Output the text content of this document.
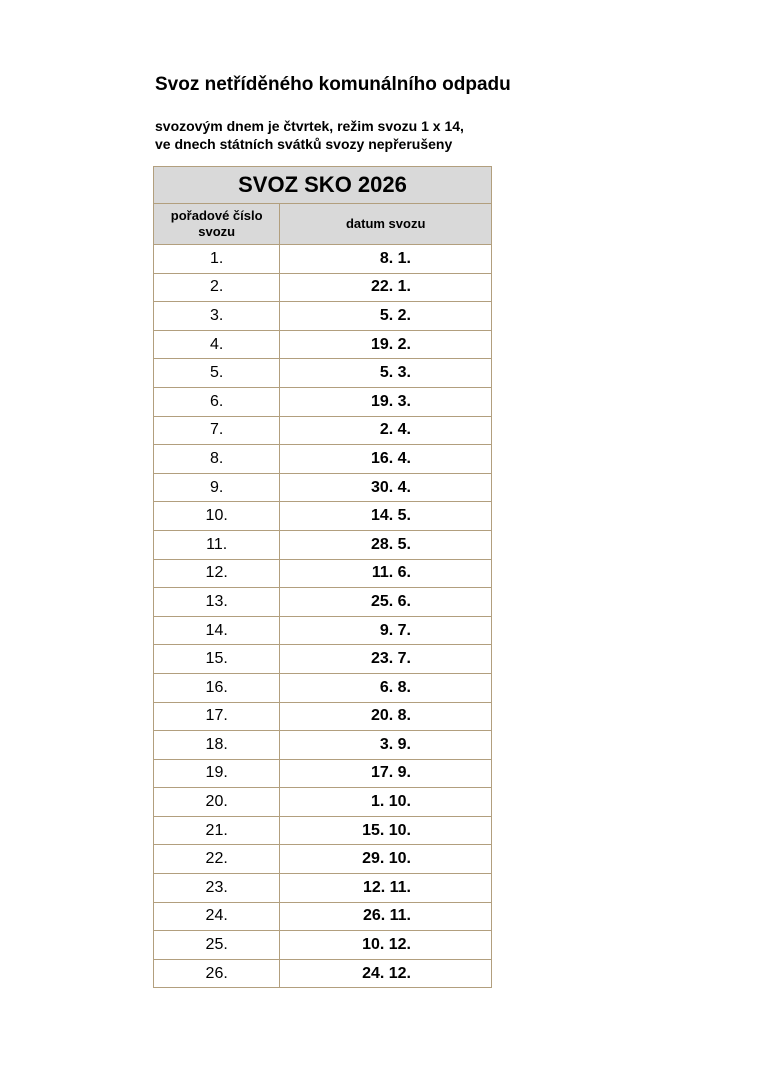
Svoz netříděného komunálního odpadu
svozovým dnem je čtvrtek, režim svozu 1 x 14,
ve dnech státních svátků svozy nepřerušeny
SVOZ SKO 2026	
pořadové číslo svozu	datum svozu
1.	8. 1.
2.	22. 1.
3.	5. 2.
4.	19. 2.
5.	5. 3.
6.	19. 3.
7.	2. 4.
8.	16. 4.
9.	30. 4.
10.	14. 5.
11.	28. 5.
12.	11. 6.
13.	25. 6.
14.	9. 7.
15.	23. 7.
16.	6. 8.
17.	20. 8.
18.	3. 9.
19.	17. 9.
20.	1. 10.
21.	15. 10.
22.	29. 10.
23.	12. 11.
24.	26. 11.
25.	10. 12.
26.	24. 12.
